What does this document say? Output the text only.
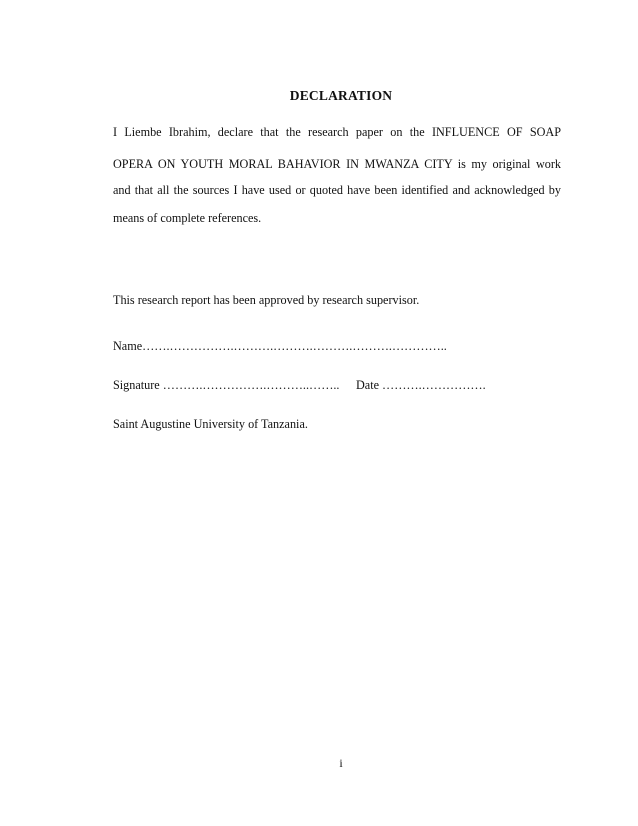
DECLARATION
I Liembe Ibrahim, declare that the research paper on the INFLUENCE OF SOAP
OPERA ON YOUTH MORAL BAHAVIOR IN MWANZA CITY is my original work
and that all the sources I have used or quoted have been identified and acknowledged by
means of complete references.
This research report has been approved by research supervisor.
Name…….…………….……….……….……….……….…………..
Signature ……….…………….………..…….. Date ……….…………….
Saint Augustine University of Tanzania.
i
